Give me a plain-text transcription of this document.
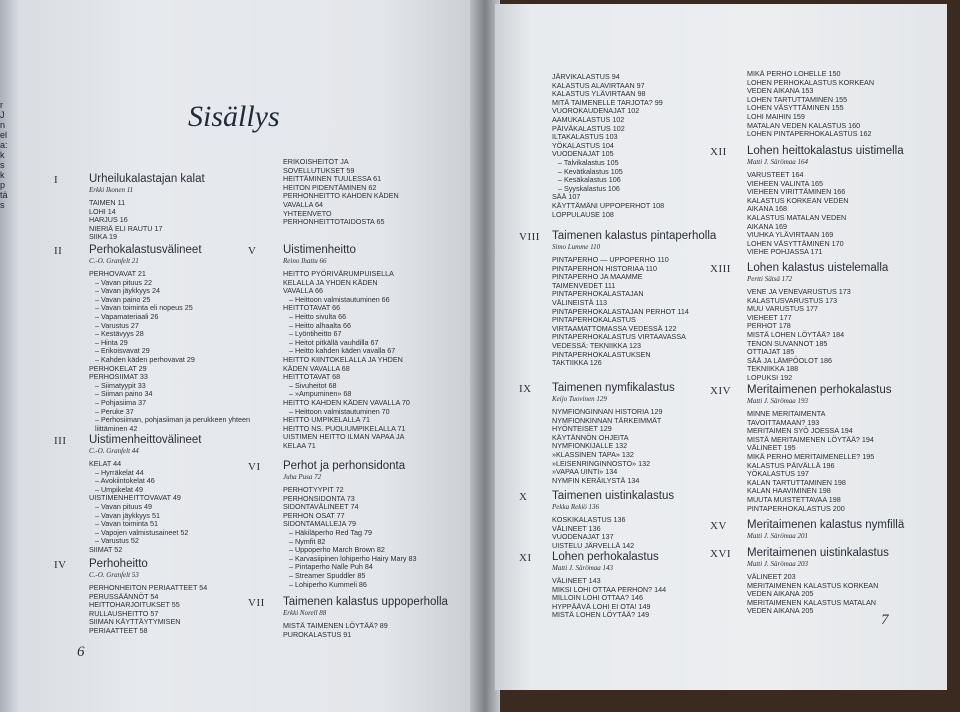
r
J
n
el
a:
k
s
k
p
tä
s
Sisällys
I	Urheilukalastajan kalat
Erkki Ikonen 11
TAIMEN 11
LOHI 14
HARJUS 16
NIERIÄ ELI RAUTU 17
SIIKA 19
II Perhokalastusvälineet
C.-O. Granfelt 21
PERHOVAVAT 21
– Vavan pituus 22
– Vavan jäykkyys 24
– Vavan paino 25
– Vavan toiminta eli nopeus 25
– Vapamateriaali 26
– Varustus 27
– Kestävyys 28
– Hinta 29
– Erikoisvavat 29
– Kahden käden perhovavat 29
PERHOKELAT 29
PERHOSIIMAT 33
– Siimatyypit 33
– Siiman paino 34
– Pohjasiima 37
– Peruke 37
– Perhosiiman, pohjasiiman ja perukkeen yhteen
liittäminen 42
III Uistimenheittovälineet
C.-O. Granfelt 44
KELAT 44
– Hyrräkelat 44
– Avokiintokelat 46
– Umpikelat 49
UISTIMENHEITTOVAVAT 49
– Vavan pituus 49
– Vavan jäykkyys 51
– Vavan toiminta 51
– Vapojen valmistusaineet 52
– Varustus 52
SIIMAT 52
IV Perhoheitto
C.-O. Granfelt 53
PERHONHEITON PERIAATTEET 54
PERUSSÄÄNNÖT 54
HEITTOHARJOITUKSET 55
RULLAUSHEITTO 57
SIIMAN KÄYTTÄYTYMISEN
PERIAATTEET 58
ERIKOISHEITOT JA
SOVELLUTUKSET 59
HEITTÄMINEN TUULESSA 61
HEITON PIDENTÄMINEN 62
PERHONHEITTO KAHDEN KÄDEN
VAVALLA 64
YHTEENVETO
PERHONHEITTOTAIDOSTA 65
V Uistimenheitto
Reino Ihattu 66
HEITTO PYÖRIVÄRUMPUISELLA
KELALLA JA YHDEN KÄDEN
VAVALLA 66
– Heittoon valmistautuminen 66
HEITTOTAVAT 66
– Heitto sivulta 66
– Heitto alhaalta 66
– Lyöntiheitto 67
– Heitot pitkällä vauhdilla 67
– Heitto kahden käden vavalla 67
HEITTO KIINTOKELALLA JA YHDEN
KÄDEN VAVALLA 68
HEITTOTAVAT 68
– Sivuheitot 68
– »Ampuminen» 68
HEITTO KAHDEN KÄDEN VAVALLA 70
– Heittoon valmistautuminen 70
HEITTO UMPIKELALLA 71
HEITTO NS. PUOLIUMPIKELALLA 71
UISTIMEN HEITTO ILMAN VAPAA JA
KELAA 71
VI Perhot ja perhonsidonta
Juha Pusa 72
PERHOTYYPIT 72
PERHONSIDONTA 73
SIDONTAVÄLINEET 74
PERHON OSAT 77
SIDONTAMALLEJA 79
– Häkiläperho Red Tag 79
– Nymfit 82
– Uppoperho March Brown 82
– Karvasiipinen lohiperho Hairy Mary 83
– Pintaperho Nalle Puh 84
– Streamer Spuddler 85
– Lohiperho Kummeli 86
VII Taimenen kalastus uppoperholla
Erkki Norell 88
MISTÄ TAIMENEN LÖYTÄÄ? 89
PUROKALASTUS 91
6
JÄRVIKALASTUS 94
KALASTUS ALAVIRTAAN 97
KALASTUS YLÄVIRTAAN 98
MITÄ TAIMENELLE TARJOTA? 99
VUOROKAUDENAJAT 102
AAMUKALASTUS 102
PÄIVÄKALASTUS 102
ILTAKALASTUS 103
YÖKALASTUS 104
VUODENAJAT 105
– Talvikalastus 105
– Kevätkalastus 105
– Kesäkalastus 106
– Syyskalastus 106
SÄÄ 107
KÄYTTÄMÄNI UPPOPERHOT 108
LOPPULAUSE 108
VIII Taimenen kalastus pintaperholla
Simo Lumme 110
PINTAPERHO — UPPOPERHO 110
PINTAPERHON HISTORIAA 110
PINTAPERHO JA MAAMME
TAIMENVEDET 111
PINTAPERHOKALASTAJAN
VÄLINEISTÄ 113
PINTAPERHOKALASTAJAN PERHOT 114
PINTAPERHOKALASTUS
VIRTAAMATTOMASSA VEDESSÄ 122
PINTAPERHOKALASTUS VIRTAAVASSA
VEDESSÄ: TEKNIIKKA 123
PINTAPERHOKALASTUKSEN
TAKTIIKKA 126
IX Taimenen nymfikalastus
Keijo Tuovinen 129
NYMFIONGINNAN HISTORIA 129
NYMFIONKINNAN TÄRKEIMMÄT
HYÖNTEISET 129
KÄYTÄNNÖN OHJEITA
NYMFIONKIJALLE 132
»KLASSINEN TAPA» 132
»LEISENRINGINNOSTO» 132
»VAPAA UINTI» 134
NYMFIN KERÄILYSTÄ 134
X Taimenen uistinkalastus
Pekka Rekiö 136
KOSKIKALASTUS 136
VÄLINEET 136
VUODENAJAT 137
UISTELU JÄRVELLÄ 142
XI Lohen perhokalastus
Matti J. Särömaa 143
VÄLINEET 143
MIKSI LOHI OTTAA PERHON? 144
MILLOIN LOHI OTTAA? 146
HYPPÄÄVÄ LOHI EI OTA! 149
MISTÄ LOHEN LÖYTÄÄ? 149
MIKÄ PERHO LOHELLE 150
LOHEN PERHOKALASTUS KORKEAN
VEDEN AIKANA 153
LOHEN TARTUTTAMINEN 155
LOHEN VÄSYTTÄMINEN 155
LOHI MAIHIN 159
MATALAN VEDEN KALASTUS 160
LOHEN PINTAPERHOKALASTUS 162
XII Lohen heittokalastus uistimella
Matti J. Särömaa 164
VARUSTEET 164
VIEHEEN VALINTA 165
VIEHEEN VIRITTÄMINEN 166
KALASTUS KORKEAN VEDEN
AIKANA 168
KALASTUS MATALAN VEDEN
AIKANA 169
VIUHKA YLÄVIRTAAN 169
LOHEN VÄSYTTÄMINEN 170
VIEHE POHJASSA 171
XIII Lohen kalastus uistelemalla
Pertti Sätsä 172
VENE JA VENEVARUSTUS 173
KALASTUSVARUSTUS 173
MUU VARUSTUS 177
VIEHEET 177
PERHOT 178
MISTÄ LOHEN LÖYTÄÄ? 184
TENON SUVANNOT 185
OTTIAJAT 185
SÄÄ JA LÄMPÖOLOT 186
TEKNIIKKA 188
LOPUKSI 192
XIV Meritaimenen perhokalastus
Matti J. Särömaa 193
MINNE MERITAIMENTA
TAVOITTAMAAN? 193
MERITAIMEN SYÖ JOESSA 194
MISTÄ MERITAIMENEN LÖYTÄÄ? 194
VÄLINEET 195
MIKÄ PERHO MERITAIMENELLE? 195
KALASTUS PÄIVÄLLÄ 196
YÖKALASTUS 197
KALAN TARTUTTAMINEN 198
KALAN HAAVIMINEN 198
MUUTA MUISTETTAVAA 198
PINTAPERHOKALASTUS 200
XV Meritaimenen kalastus nymfillä
Matti J. Särömaa 201
XVI Meritaimenen uistinkalastus
Matti J. Särömaa 203
VÄLINEET 203
MERITAIMENEN KALASTUS KORKEAN
VEDEN AIKANA 205
MERITAIMENEN KALASTUS MATALAN
VEDEN AIKANA 205
7
